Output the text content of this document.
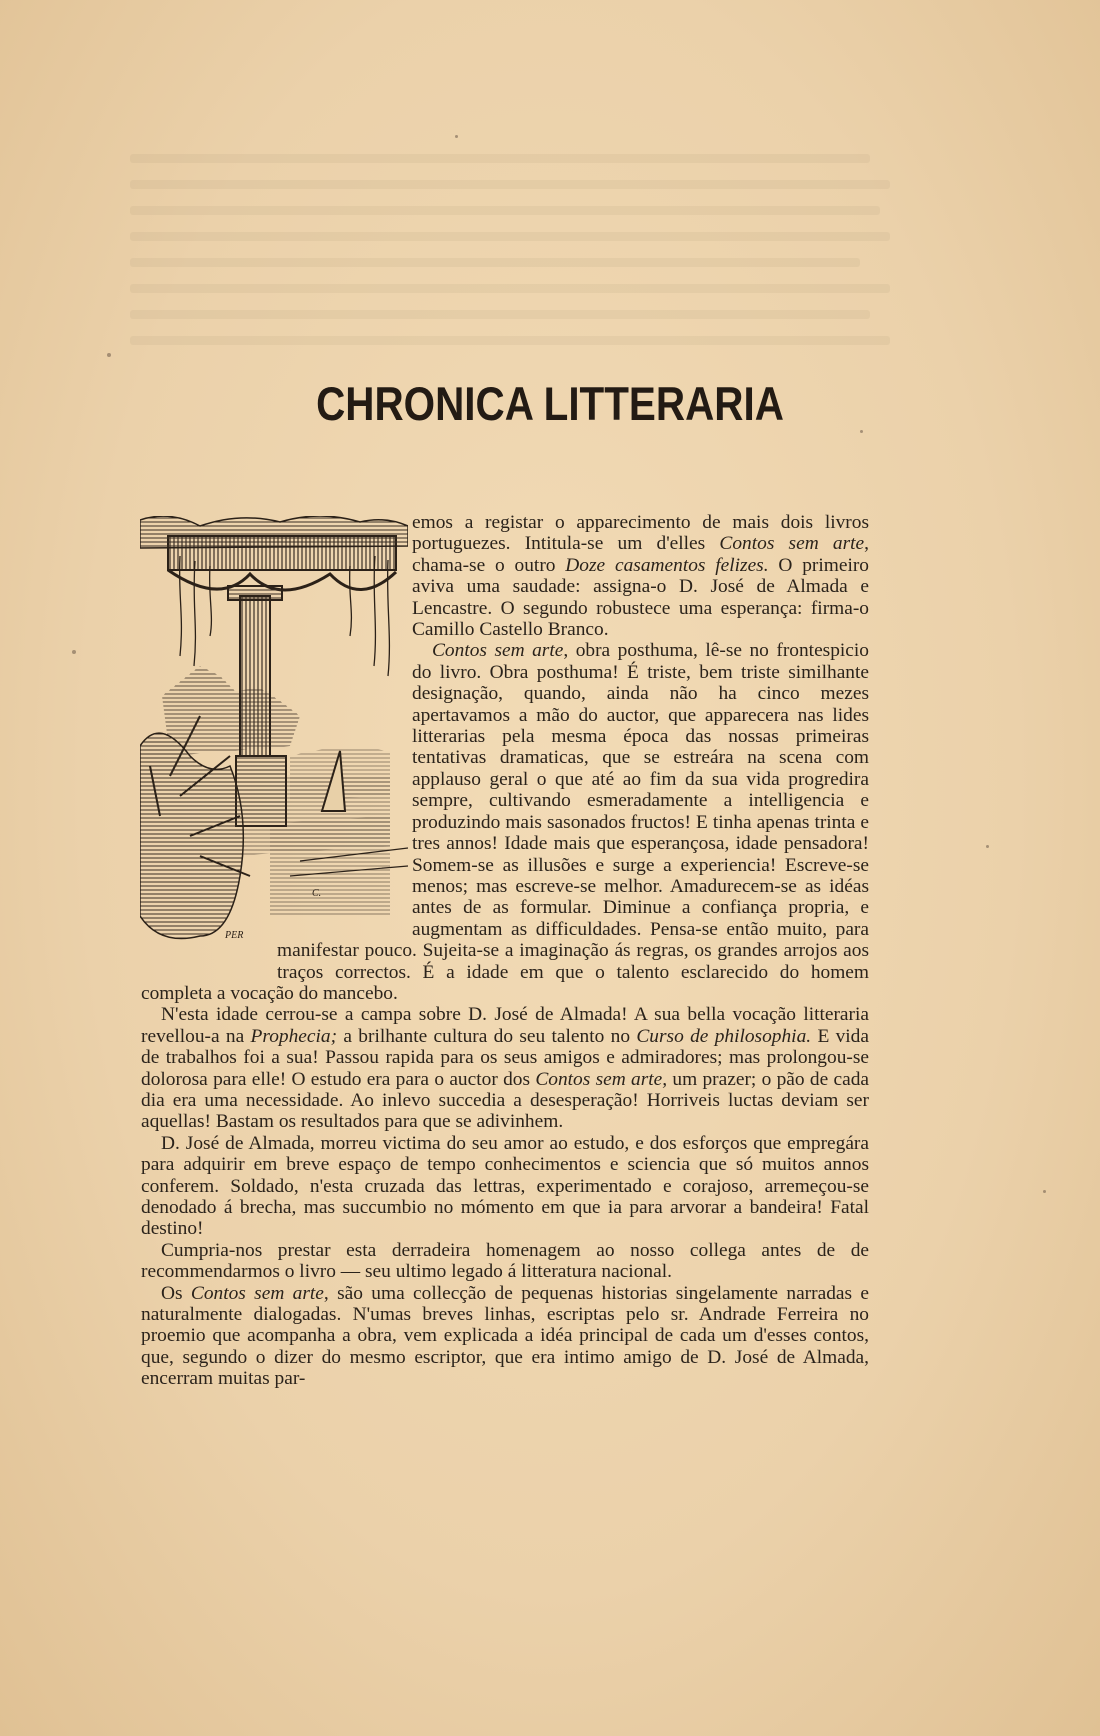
CHRONICA LITTERARIA
PER
C.

emos a registar o apparecimento de mais dois livros portuguezes. Intitula-se um d'elles Contos sem arte, chama-se o outro Doze casamentos felizes. O primeiro aviva uma saudade: assigna-o D. José de Almada e Lencastre. O segundo robustece uma esperança: firma-o Camillo Castello Branco.

Contos sem arte, obra posthuma, lê-se no frontespicio do livro. Obra posthuma! É triste, bem triste similhante designação, quando, ainda não ha cinco mezes apertavamos a mão do auctor, que apparecera nas lides litterarias pela mesma época das nossas primeiras tentativas dramaticas, que se estreára na scena com applauso geral o que até ao fim da sua vida progredira sempre, cultivando esmeradamente a intelligencia e produzindo mais sasonados fructos! E tinha apenas trinta e tres annos! Idade mais que esperançosa, idade pensadora! Somem-se as illusões e surge a experiencia! Escreve-se menos; mas escreve-se melhor. Amadurecem-se as idéas antes de as formular. Diminue a confiança propria, e augmentam as difficuldades. Pensa-se então muito, para manifestar pouco. Sujeita-se a imaginação ás regras, os grandes arrojos aos traços correctos. É a idade em que o talento esclarecido do homem completa a vocação do mancebo.

N'esta idade cerrou-se a campa sobre D. José de Almada! A sua bella vocação litteraria revellou-a na Prophecia; a brilhante cultura do seu talento no Curso de philosophia. E vida de trabalhos foi a sua! Passou rapida para os seus amigos e admiradores; mas prolongou-se dolorosa para elle! O estudo era para o auctor dos Contos sem arte, um prazer; o pão de cada dia era uma necessidade. Ao inlevo succedia a desesperação! Horriveis luctas deviam ser aquellas! Bastam os resultados para que se adivinhem.

D. José de Almada, morreu victima do seu amor ao estudo, e dos esforços que empregára para adquirir em breve espaço de tempo conhecimentos e sciencia que só muitos annos conferem. Soldado, n'esta cruzada das lettras, experimentado e corajoso, arremeçou-se denodado á brecha, mas succumbio no mómento em que ia para arvorar a bandeira! Fatal destino!

Cumpria-nos prestar esta derradeira homenagem ao nosso collega antes de de recommendarmos o livro — seu ultimo legado á litteratura nacional.

Os Contos sem arte, são uma collecção de pequenas historias singelamente narradas e naturalmente dialogadas. N'umas breves linhas, escriptas pelo sr. Andrade Ferreira no proemio que acompanha a obra, vem explicada a idéa principal de cada um d'esses contos, que, segundo o dizer do mesmo escriptor, que era intimo amigo de D. José de Almada, encerram muitas par-
